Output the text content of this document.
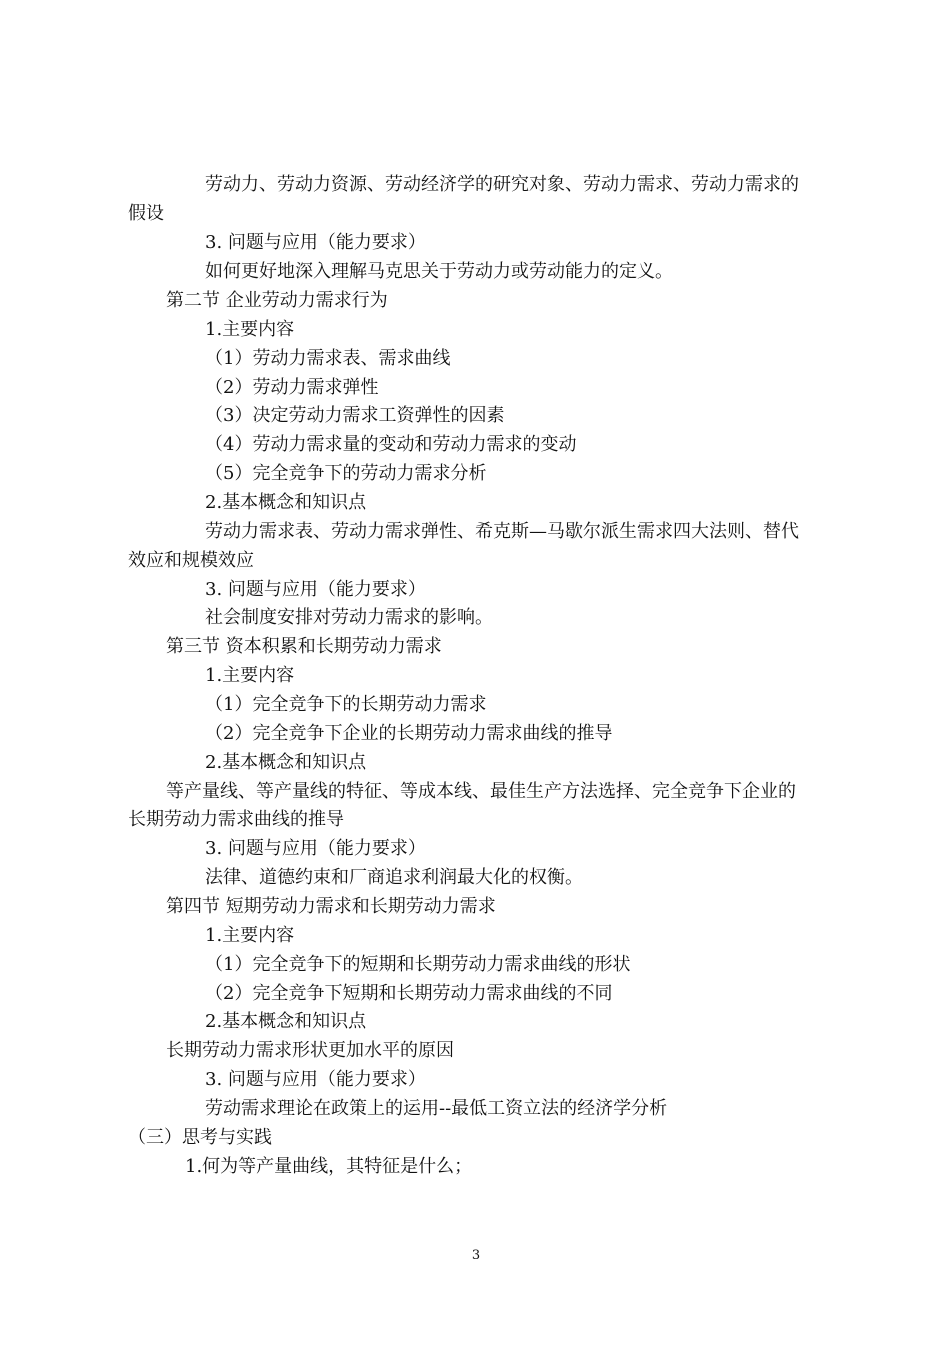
劳动力、劳动力资源、劳动经济学的研究对象、劳动力需求、劳动力需求的
假设
3. 问题与应用（能力要求）
如何更好地深入理解马克思关于劳动力或劳动能力的定义。
第二节 企业劳动力需求行为
1.主要内容
（1）劳动力需求表、需求曲线
（2）劳动力需求弹性
（3）决定劳动力需求工资弹性的因素
（4）劳动力需求量的变动和劳动力需求的变动
（5）完全竞争下的劳动力需求分析
2.基本概念和知识点
劳动力需求表、劳动力需求弹性、希克斯—马歇尔派生需求四大法则、替代
效应和规模效应
3. 问题与应用（能力要求）
社会制度安排对劳动力需求的影响。
第三节 资本积累和长期劳动力需求
1.主要内容
（1）完全竞争下的长期劳动力需求
（2）完全竞争下企业的长期劳动力需求曲线的推导
2.基本概念和知识点
等产量线、等产量线的特征、等成本线、最佳生产方法选择、完全竞争下企业的
长期劳动力需求曲线的推导
3. 问题与应用（能力要求）
法律、道德约束和厂商追求利润最大化的权衡。
第四节 短期劳动力需求和长期劳动力需求
1.主要内容
（1）完全竞争下的短期和长期劳动力需求曲线的形状
（2）完全竞争下短期和长期劳动力需求曲线的不同
2.基本概念和知识点
长期劳动力需求形状更加水平的原因
3. 问题与应用（能力要求）
劳动需求理论在政策上的运用--最低工资立法的经济学分析
（三）思考与实践
1.何为等产量曲线，其特征是什么；
3
